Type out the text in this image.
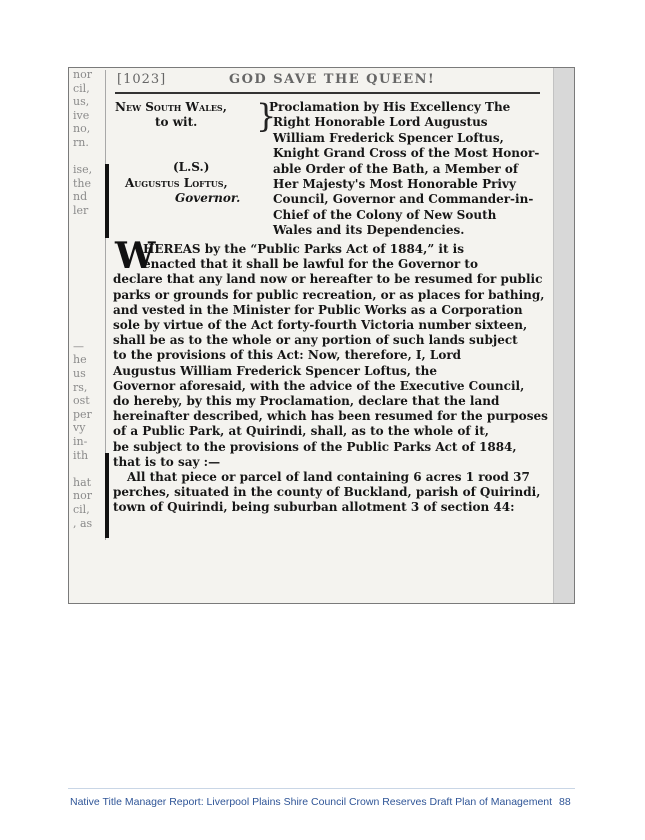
nor
cil,
us,
ive
no,
rn.

ise,
the
nd
ler

—
he
us
rs,
ost
per
vy
in-
ith

hat
nor
cil,
, as
[1023]	GOD SAVE THE QUEEN!
New South Wales,
to wit.
(L.S.)
Augustus Loftus,
Governor.
}
Proclamation by His Excellency The
Right Honorable Lord Augustus
William Frederick Spencer Loftus,
Knight Grand Cross of the Most Honor-
able Order of the Bath, a Member of
Her Majesty's Most Honorable Privy
Council, Governor and Commander-in-
Chief of the Colony of New South
Wales and its Dependencies.
W
HEREAS by the “Public Parks Act of 1884,” it is
enacted that it shall be lawful for the Governor to
declare that any land now or hereafter to be resumed for public
parks or grounds for public recreation, or as places for bathing,
and vested in the Minister for Public Works as a Corporation
sole by virtue of the Act forty-fourth Victoria number sixteen,
shall be as to the whole or any portion of such lands subject
to the provisions of this Act: Now, therefore, I, Lord
Augustus William Frederick Spencer Loftus, the
Governor aforesaid, with the advice of the Executive Council,
do hereby, by this my Proclamation, declare that the land
hereinafter described, which has been resumed for the purposes
of a Public Park, at Quirindi, shall, as to the whole of it,
be subject to the provisions of the Public Parks Act of 1884,
that is to say :—
All that piece or parcel of land containing 6 acres 1 rood 37
perches, situated in the county of Buckland, parish of Quirindi,
town of Quirindi, being suburban allotment 3 of section 44:
Native Title Manager Report: Liverpool Plains Shire Council Crown Reserves Draft Plan of Management 88
